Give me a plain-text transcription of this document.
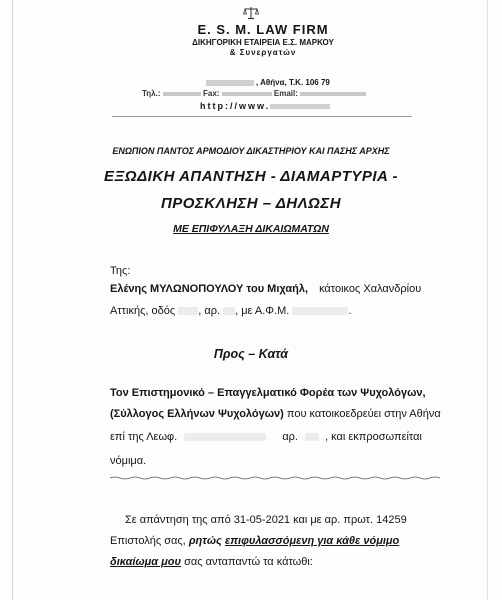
E. S. M. LAW FIRM
ΔΙΚΗΓΟΡΙΚΗ ΕΤΑΙΡΕΙΑ Ε.Σ. ΜΑΡΚΟΥ
& Συνεργατών
, Αθήνα, Τ.Κ. 106 79
Τηλ.:	Fax:	Email:
http://www.
ΕΝΩΠΙΟΝ ΠΑΝΤΟΣ ΑΡΜΟΔΙΟΥ ΔΙΚΑΣΤΗΡΙΟΥ ΚΑΙ ΠΑΣΗΣ ΑΡΧΗΣ
ΕΞΩΔΙΚΗ ΑΠΑΝΤΗΣΗ - ΔΙΑΜΑΡΤΥΡΙΑ -
ΠΡΟΣΚΛΗΣΗ – ΔΗΛΩΣΗ
ΜΕ ΕΠΙΦΥΛΑΞΗ ΔΙΚΑΙΩΜΑΤΩΝ
Της:
Ελένης ΜΥΛΩΝΟΠΟΥΛΟΥ του Μιχαήλ, κάτοικος Χαλανδρίου
Αττικής, οδός , αρ. , με Α.Φ.Μ.	.
Προς – Κατά
Τον Επιστημονικό – Επαγγελματικό Φορέα των Ψυχολόγων,
(Σύλλογος Ελλήνων Ψυχολόγων) που κατοικοεδρεύει στην Αθήνα
επί της Λεωφ.	αρ. , και εκπροσωπείται
νόμιμα.
Σε απάντηση της από 31-05-2021 και με αρ. πρωτ. 14259
Επιστολής σας, ρητώς επιφυλασσόμενη για κάθε νόμιμο
δικαίωμα μου σας ανταπαντώ τα κάτωθι:
